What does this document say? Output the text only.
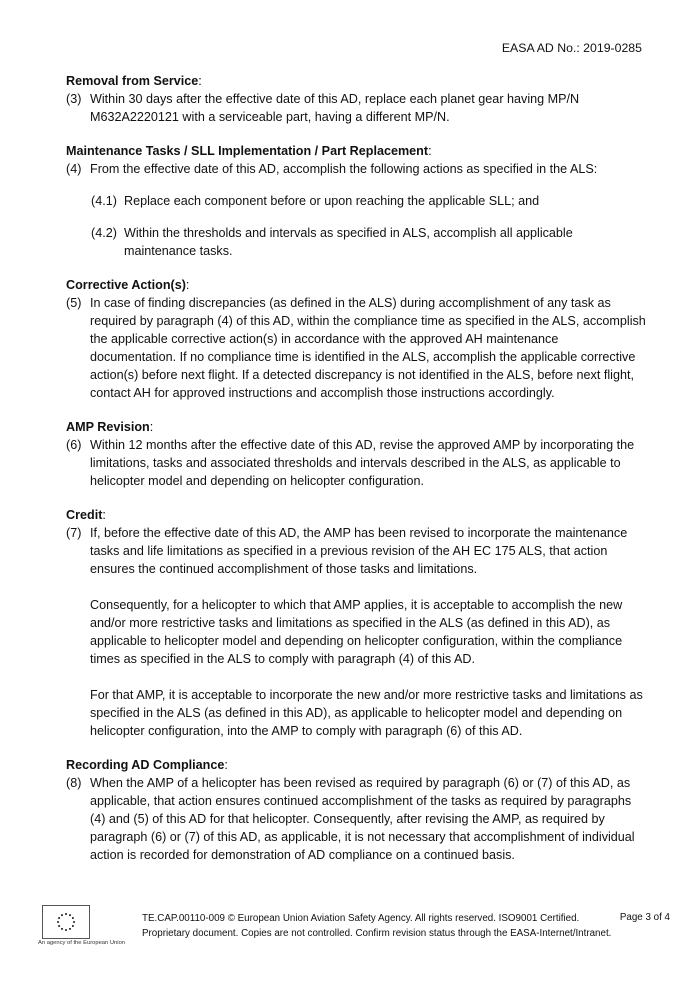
EASA AD No.: 2019-0285
Removal from Service:
(3) Within 30 days after the effective date of this AD, replace each planet gear having MP/N M632A2220121 with a serviceable part, having a different MP/N.
Maintenance Tasks / SLL Implementation / Part Replacement:
(4) From the effective date of this AD, accomplish the following actions as specified in the ALS:
(4.1) Replace each component before or upon reaching the applicable SLL; and
(4.2) Within the thresholds and intervals as specified in ALS, accomplish all applicable maintenance tasks.
Corrective Action(s):
(5) In case of finding discrepancies (as defined in the ALS) during accomplishment of any task as required by paragraph (4) of this AD, within the compliance time as specified in the ALS, accomplish the applicable corrective action(s) in accordance with the approved AH maintenance documentation. If no compliance time is identified in the ALS, accomplish the applicable corrective action(s) before next flight. If a detected discrepancy is not identified in the ALS, before next flight, contact AH for approved instructions and accomplish those instructions accordingly.
AMP Revision:
(6) Within 12 months after the effective date of this AD, revise the approved AMP by incorporating the limitations, tasks and associated thresholds and intervals described in the ALS, as applicable to helicopter model and depending on helicopter configuration.
Credit:
(7) If, before the effective date of this AD, the AMP has been revised to incorporate the maintenance tasks and life limitations as specified in a previous revision of the AH EC 175 ALS, that action ensures the continued accomplishment of those tasks and limitations.
Consequently, for a helicopter to which that AMP applies, it is acceptable to accomplish the new and/or more restrictive tasks and limitations as specified in the ALS (as defined in this AD), as applicable to helicopter model and depending on helicopter configuration, within the compliance times as specified in the ALS to comply with paragraph (4) of this AD.
For that AMP, it is acceptable to incorporate the new and/or more restrictive tasks and limitations as specified in the ALS (as defined in this AD), as applicable to helicopter model and depending on helicopter configuration, into the AMP to comply with paragraph (6) of this AD.
Recording AD Compliance:
(8) When the AMP of a helicopter has been revised as required by paragraph (6) or (7) of this AD, as applicable, that action ensures continued accomplishment of the tasks as required by paragraphs (4) and (5) of this AD for that helicopter. Consequently, after revising the AMP, as required by paragraph (6) or (7) of this AD, as applicable, it is not necessary that accomplishment of individual action is recorded for demonstration of AD compliance on a continued basis.
An agency of the European Union
TE.CAP.00110-009 © European Union Aviation Safety Agency. All rights reserved. ISO9001 Certified.
Proprietary document. Copies are not controlled. Confirm revision status through the EASA-Internet/Intranet.
Page 3 of 4
